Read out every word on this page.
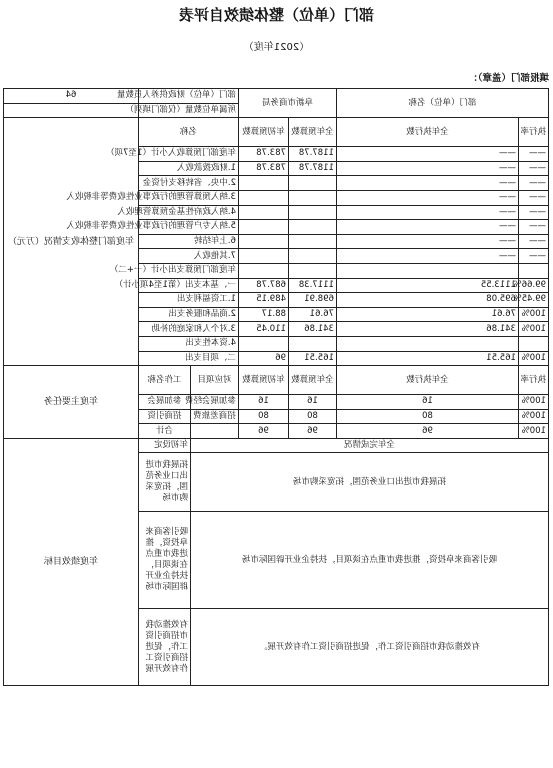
部门（单位）整体绩效自评表
（2021年度）
填报部门（盖章）：
部门（单位）名称		阜新市商务局		部门（单位）财政供养人员数量		64
				所属单位数量（仅部门填列）		
执行率	全年执行数	全年预算数	年初预算数	名称		年度部门整体收支情况（万元）
——	——	1187.78	783.78	年度部门预算收入小计（1至7项）		
——	——	1187.78	783.78	1.财政拨款收入		
——	——			2.中央、省转移支付资金		
——	——			3.纳入预算管理的行政事业性收费等非税收入		
——	——			4.纳入政府性基金预算管理收入		
——	——			5.纳入专户管理的行政事业性收费等非税收入		
——	——			6.上年结转		
——	——			7.其他收入		
				年度部门预算支出小计（一+二）		
99.66%	1113.55	1117.38	687.78	一、基本支出（第1至4项小计）		
99.45%	695.08	698.91	489.15	1.工资福利支出		
100%	76.61	76.61	88.17	2.商品和服务支出		
100%	341.86	341.86	110.45	3.对个人和家庭的补助		
				4.资本性支出		
100%	165.51	165.51	96	二、项目支出		
执行率	全年执行数	全年预算数	年初预算数	对应项目	工作名称	年度主要任务
100%	16	16	16	参加展会经费	参加展会	
100%	80	80	80	招商差旅费	招商引资	
100%	96	96	96		合计	
全年完成情况					年初设定	年度绩效目标
拓展我市进出口业务范围，拓宽采购市场					拓展我市进出口业务范围，拓宽采购市场	
吸引客商来阜投资，推进我市重点在谈项目，扶持企业开辟国际市场					吸引客商来阜投资，推进我市重点在谈项目，扶持企业开辟国际市场	
有效推动我市招商引资工作，促进招商引资工作有效开展。					有效推动我市招商引资工作，促进招商引资工作有效开展	
